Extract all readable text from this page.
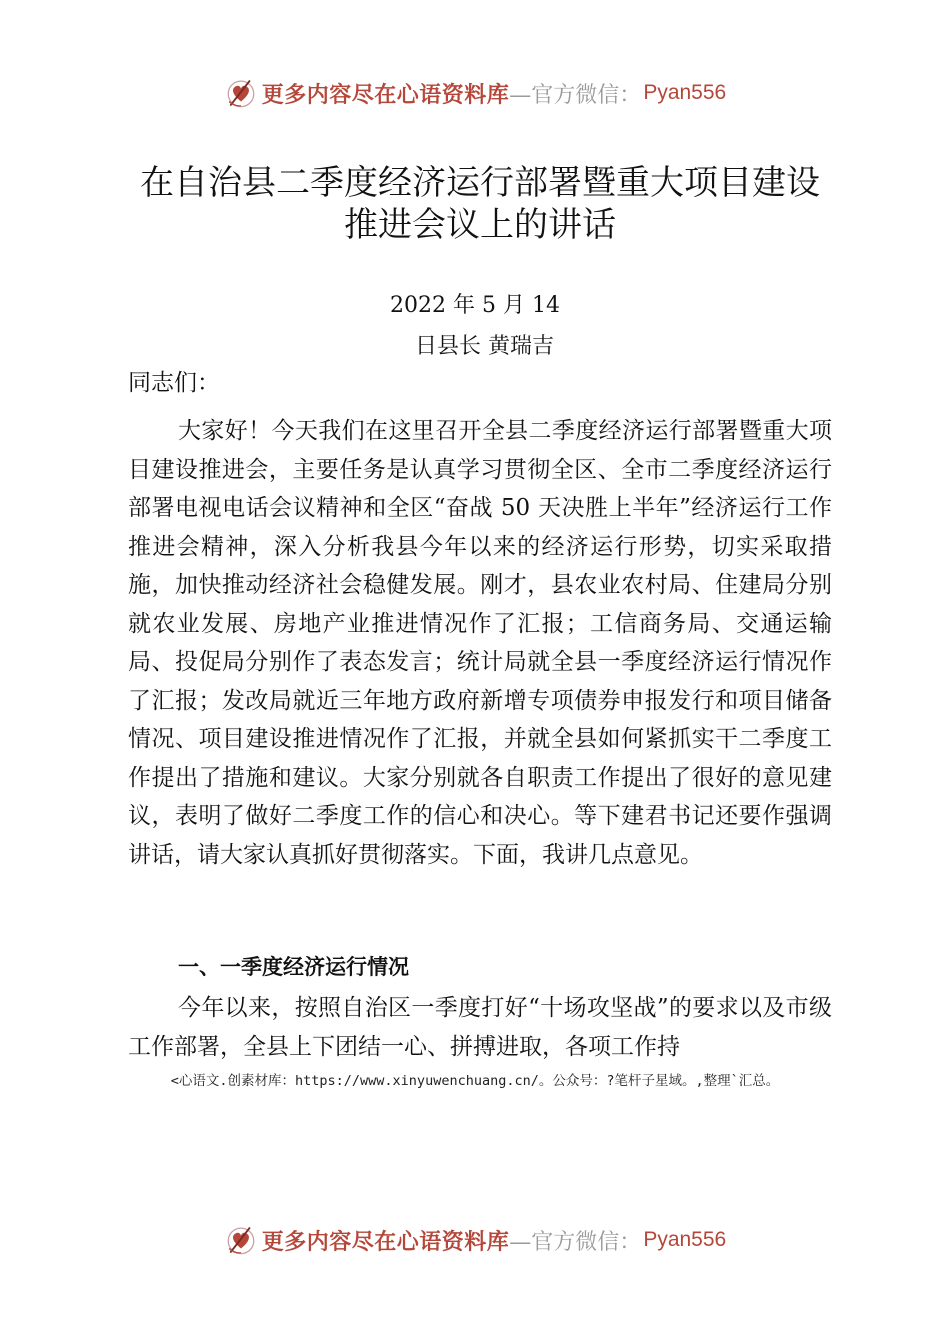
更多内容尽在心语资料库 —官方微信： Pyan556
在自治县二季度经济运行部署暨重大项目建设
推进会议上的讲话
2022 年 5 月 14
日县长 黄瑞吉
同志们：
大家好！今天我们在这里召开全县二季度经济运行部署暨重大项目建设推进会，主要任务是认真学习贯彻全区、全市二季度经济运行部署电视电话会议精神和全区“奋战 50 天决胜上半年”经济运行工作推进会精神，深入分析我县今年以来的经济运行形势，切实采取措施，加快推动经济社会稳健发展。刚才，县农业农村局、住建局分别就农业发展、房地产业推进情况作了汇报；工信商务局、交通运输局、投促局分别作了表态发言；统计局就全县一季度经济运行情况作了汇报；发改局就近三年地方政府新增专项债券申报发行和项目储备情况、项目建设推进情况作了汇报，并就全县如何紧抓实干二季度工作提出了措施和建议。大家分别就各自职责工作提出了很好的意见建议，表明了做好二季度工作的信心和决心。等下建君书记还要作强调讲话，请大家认真抓好贯彻落实。下面，我讲几点意见。
一、一季度经济运行情况
今年以来，按照自治区一季度打好“十场攻坚战”的要求以及市级工作部署，全县上下团结一心、拼搏进取，各项工作持
<心语文.创素材库：https://www.xinyuwenchuang.cn/。公众号：?笔杆子星域。,整理`汇总。
更多内容尽在心语资料库 —官方微信： Pyan556
